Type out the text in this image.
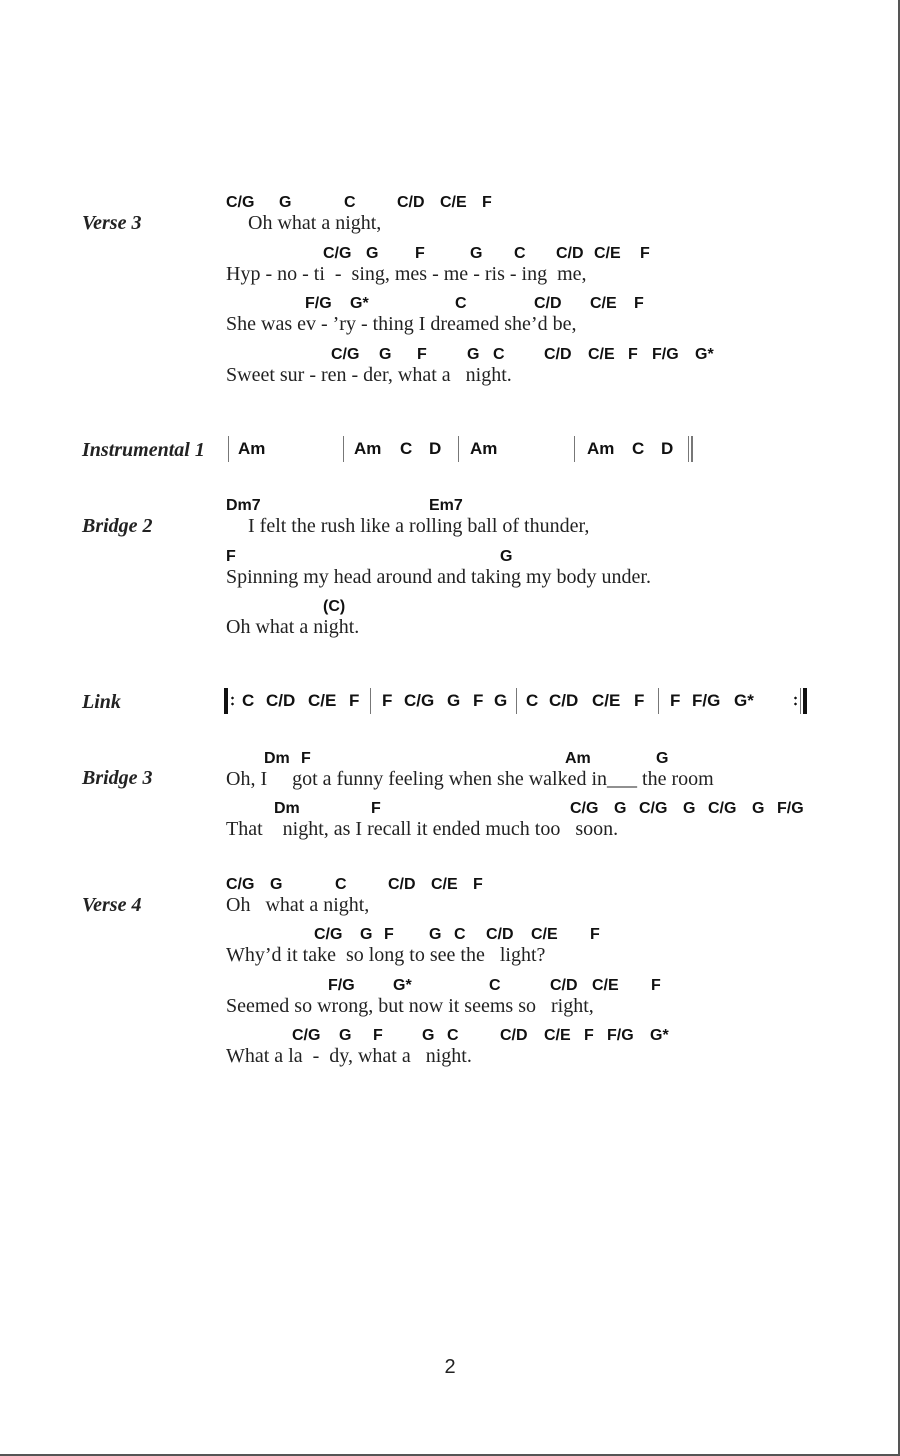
Verse 3
C/G G	C	C/D C/E F
Oh what a night,
C/G G F	G C C/D C/E F
Hyp - no - ti  -  sing, mes - me - ris - ing  me,
F/G G*	C	C/D C/E F
She was ev - ’ry - thing I dreamed she’d be,
C/G G F	G C C/D C/E F F/G G*
Sweet sur - ren - der, what a   night.
Instrumental 1 Am	Am C D Am	Am C D
Bridge 2
Dm7	Em7
I felt the rush like a rolling ball of thunder,
F	G
Spinning my head around and taking my body under.
(C)
Oh what a night.
Link	C C/D C/E F F C/G G F G C C/D C/E F F F/G G*
Bridge 3
Dm F	Am	G
Oh, I     got a funny feeling when she walked in___ the room
Dm	F	C/G G C/G G C/G G F/G
That    night, as I recall it ended much too   soon.
Verse 4
C/G G	C	C/D C/E F
Oh   what a night,
C/G G F G C C/D C/E F
Why’d it take  so long to see the   light?
F/G G*	C	C/D C/E F
Seemed so wrong, but now it seems so   right,
C/G G F G C	C/D C/E F F/G G*
What a la  -  dy, what a   night.
2
